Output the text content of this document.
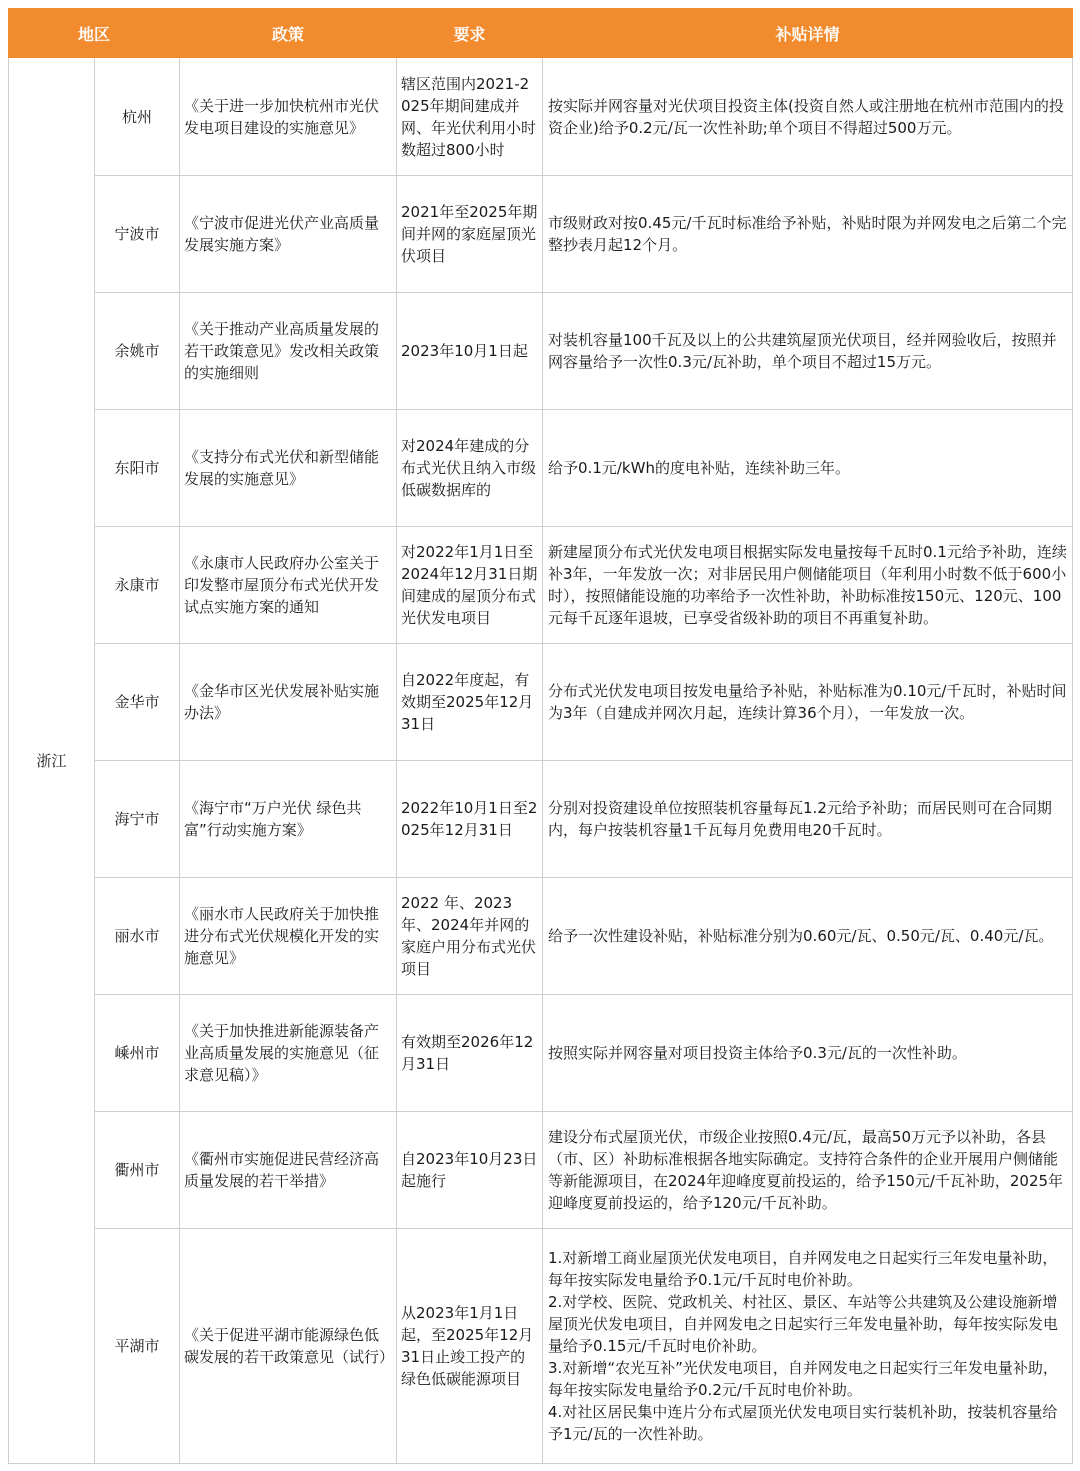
地区		政策	要求	补贴详情
浙江	杭州	《关于进一步加快杭州市光伏发电项目建设的实施意见》	辖区范围内2021-2025年期间建成并网、年光伏利用小时数超过800小时	按实际并网容量对光伏项目投资主体(投资自然人或注册地在杭州市范围内的投资企业)给予0.2元/瓦一次性补助;单个项目不得超过500万元。
	宁波市	《宁波市促进光伏产业高质量发展实施方案》	2021年至2025年期间并网的家庭屋顶光伏项目	市级财政对按0.45元/千瓦时标准给予补贴，补贴时限为并网发电之后第二个完整抄表月起12个月。
	余姚市	《关于推动产业高质量发展的若干政策意见》发改相关政策的实施细则	2023年10月1日起	对装机容量100千瓦及以上的公共建筑屋顶光伏项目，经并网验收后，按照并网容量给予一次性0.3元/瓦补助，单个项目不超过15万元。
	东阳市	《支持分布式光伏和新型储能发展的实施意见》	对2024年建成的分布式光伏且纳入市级低碳数据库的	给予0.1元/kWh的度电补贴，连续补助三年。
	永康市	《永康市人民政府办公室关于印发整市屋顶分布式光伏开发试点实施方案的通知	对2022年1月1日至2024年12月31日期间建成的屋顶分布式光伏发电项目	新建屋顶分布式光伏发电项目根据实际发电量按每千瓦时0.1元给予补助，连续补3年，一年发放一次；对非居民用户侧储能项目（年利用小时数不低于600小时），按照储能设施的功率给予一次性补助，补助标准按150元、120元、100元每千瓦逐年退坡，已享受省级补助的项目不再重复补助。
	金华市	《金华市区光伏发展补贴实施办法》	自2022年度起，有效期至2025年12月31日	分布式光伏发电项目按发电量给予补贴，补贴标准为0.10元/千瓦时，补贴时间为3年（自建成并网次月起，连续计算36个月），一年发放一次。
	海宁市	《海宁市“万户光伏 绿色共富”行动实施方案》	2022年10月1日至2025年12月31日	分别对投资建设单位按照装机容量每瓦1.2元给予补助；而居民则可在合同期内，每户按装机容量1千瓦每月免费用电20千瓦时。
	丽水市	《丽水市人民政府关于加快推进分布式光伏规模化开发的实施意见》	2022 年、2023 年、2024年并网的家庭户用分布式光伏项目	给予一次性建设补贴，补贴标准分别为0.60元/瓦、0.50元/瓦、0.40元/瓦。
	嵊州市	《关于加快推进新能源装备产业高质量发展的实施意见（征求意见稿）》	有效期至2026年12月31日	按照实际并网容量对项目投资主体给予0.3元/瓦的一次性补助。
	衢州市	《衢州市实施促进民营经济高质量发展的若干举措》	自2023年10月23日起施行	建设分布式屋顶光伏，市级企业按照0.4元/瓦，最高50万元予以补助，各县（市、区）补助标准根据各地实际确定。支持符合条件的企业开展用户侧储能等新能源项目，在2024年迎峰度夏前投运的，给予150元/千瓦补助，2025年迎峰度夏前投运的，给予120元/千瓦补助。
	平湖市	《关于促进平湖市能源绿色低碳发展的若干政策意见（试行）	从2023年1月1日起，至2025年12月31日止竣工投产的绿色低碳能源项目	1.对新增工商业屋顶光伏发电项目，自并网发电之日起实行三年发电量补助，每年按实际发电量给予0.1元/千瓦时电价补助。
2.对学校、医院、党政机关、村社区、景区、车站等公共建筑及公建设施新增屋顶光伏发电项目，自并网发电之日起实行三年发电量补助，每年按实际发电量给予0.15元/千瓦时电价补助。
3.对新增“农光互补”光伏发电项目，自并网发电之日起实行三年发电量补助，每年按实际发电量给予0.2元/千瓦时电价补助。
4.对社区居民集中连片分布式屋顶光伏发电项目实行装机补助，按装机容量给予1元/瓦的一次性补助。
